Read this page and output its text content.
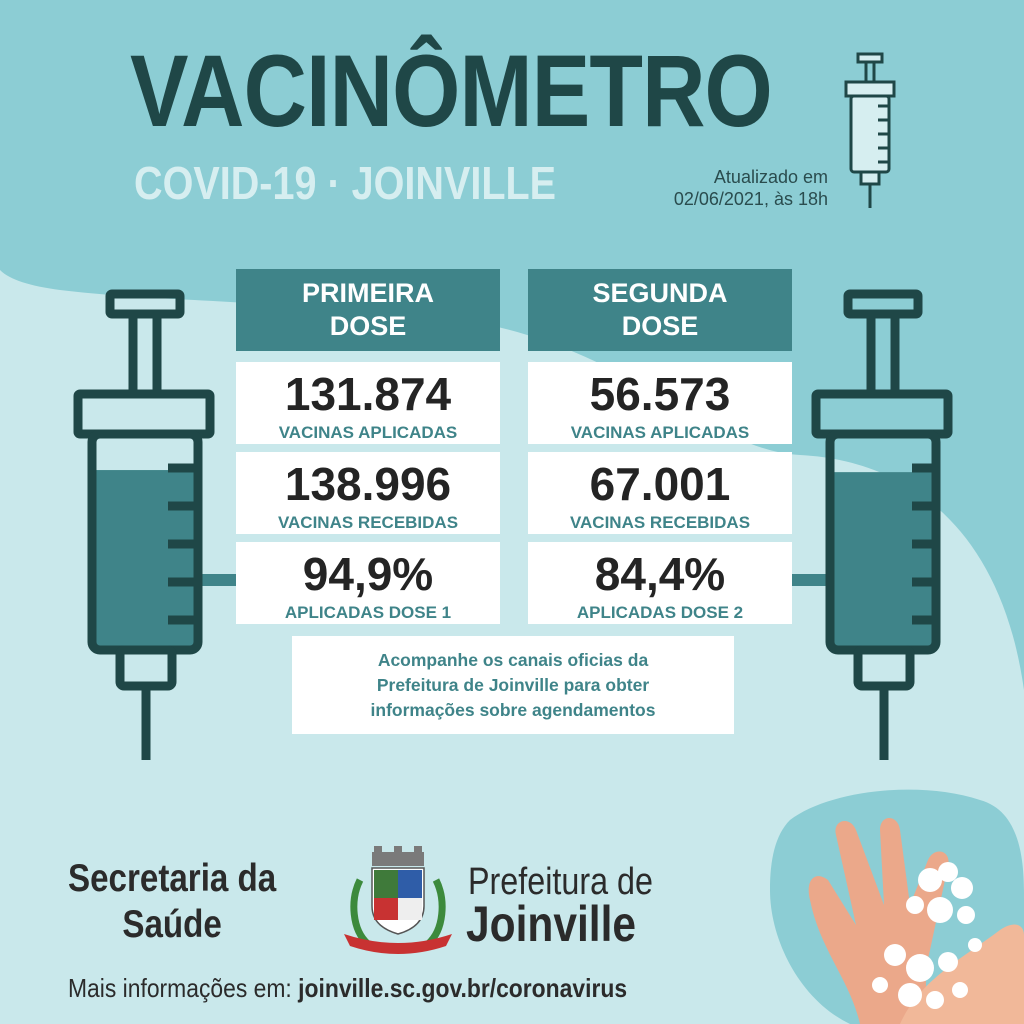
VACINÔMETRO
COVID-19 · JOINVILLE	Atualizado em
02/06/2021, às 18h
PRIMEIRA
DOSE
131.874
VACINAS APLICADAS
138.996
VACINAS RECEBIDAS
94,9%
APLICADAS DOSE 1
SEGUNDA
DOSE
56.573
VACINAS APLICADAS
67.001
VACINAS RECEBIDAS
84,4%
APLICADAS DOSE 2
Acompanhe os canais oficias da
Prefeitura de Joinville para obter
informações sobre agendamentos
Secretaria da
Saúde
Prefeitura de
Joinville
Mais informações em: joinville.sc.gov.br/coronavirus
